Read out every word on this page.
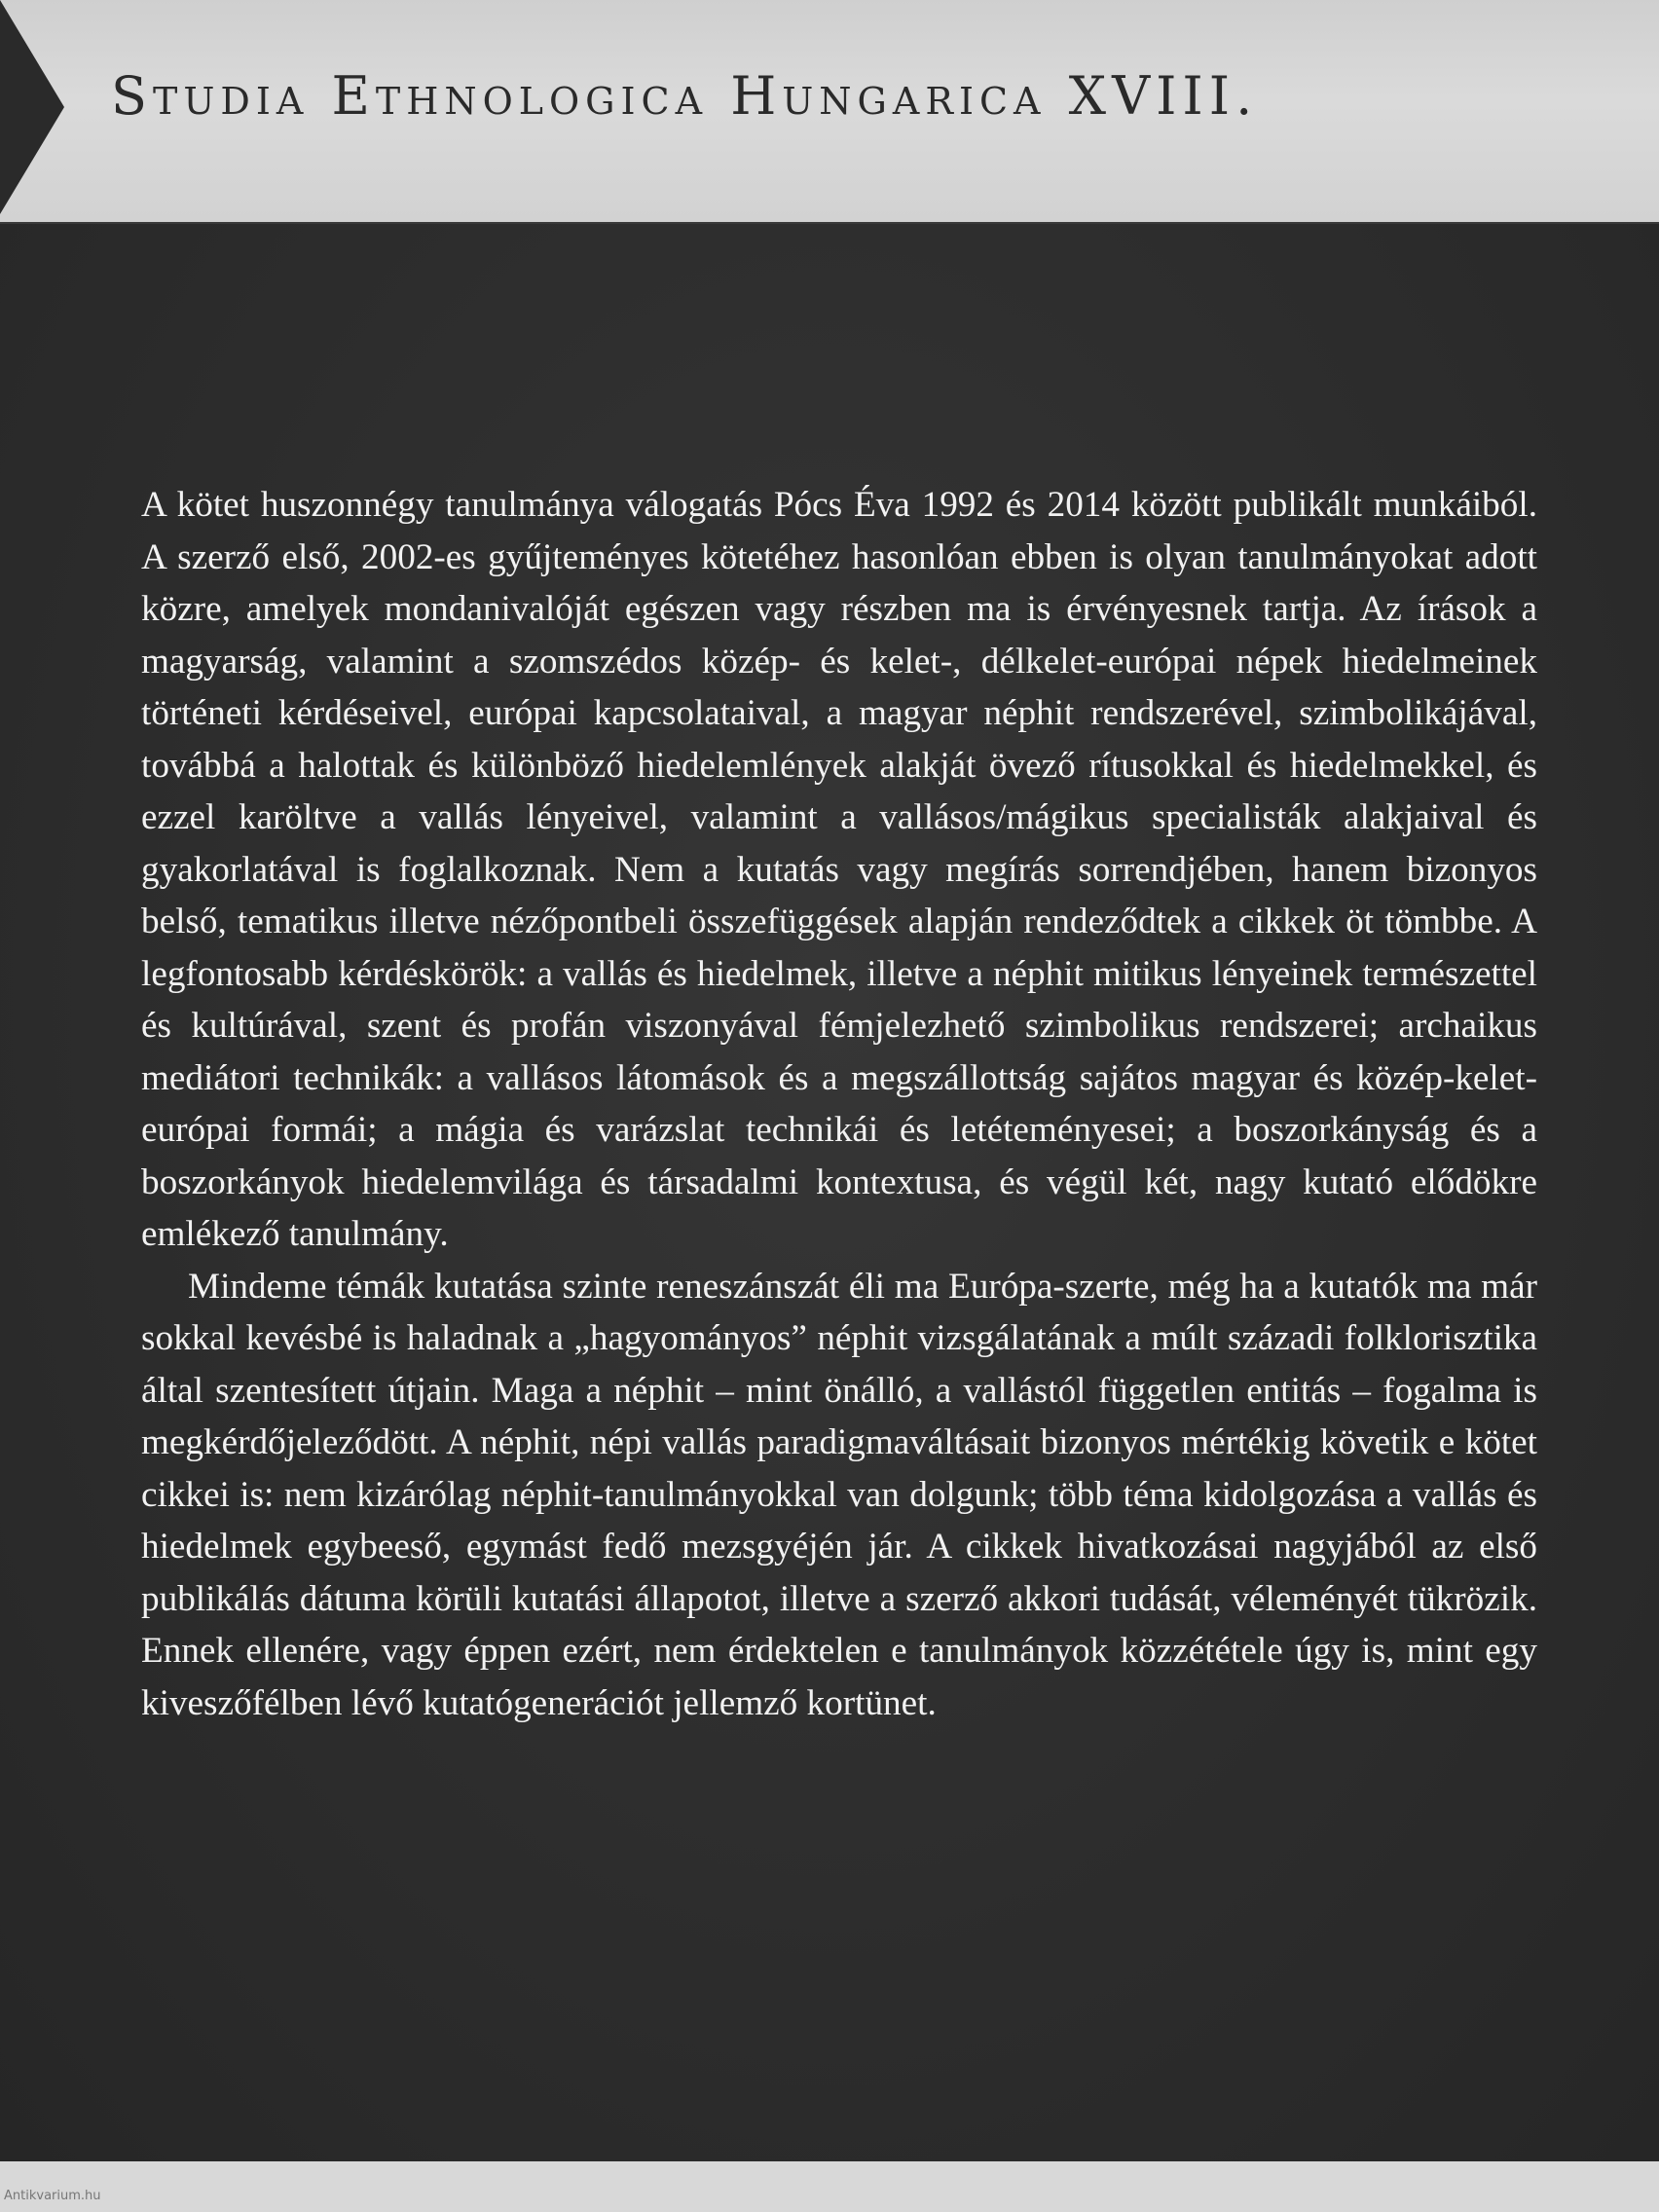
Studia Ethnologica Hungarica XVIII.

A kötet huszonnégy tanulmánya válogatás Pócs Éva 1992 és 2014 között publikált munkáiból. A szerző első, 2002-es gyűjteményes kötetéhez hasonlóan ebben is olyan tanulmányokat adott közre, amelyek mondanivalóját egészen vagy részben ma is érvényesnek tartja. Az írások a magyarság, valamint a szomszédos közép- és kelet-, délkelet-európai népek hiedelmeinek történeti kérdéseivel, európai kapcsolataival, a magyar néphit rendszerével, szimbolikájával, továbbá a halottak és különböző hiedelemlények alakját övező rítusokkal és hiedelmekkel, és ezzel karöltve a vallás lényeivel, valamint a vallásos/mágikus specialisták alakjaival és gyakorlatával is foglalkoznak. Nem a kutatás vagy megírás sorrendjében, hanem bizonyos belső, tematikus illetve nézőpontbeli összefüggések alapján rendeződtek a cikkek öt tömbbe. A legfontosabb kérdéskörök: a vallás és hiedelmek, illetve a néphit mitikus lényeinek természettel és kultúrával, szent és profán viszonyával fémjelezhető szimbolikus rendszerei; archaikus mediátori technikák: a vallásos látomások és a megszállottság sajátos magyar és közép-kelet-európai formái; a mágia és varázslat technikái és letéteményesei; a boszorkányság és a boszorkányok hiedelemvilága és társadalmi kontextusa, és végül két, nagy kutató elődökre emlékező tanulmány.

Mindeme témák kutatása szinte reneszánszát éli ma Európa-szerte, még ha a kutatók ma már sokkal kevésbé is haladnak a „hagyományos” néphit vizsgálatának a múlt századi folklorisztika által szentesített útjain. Maga a néphit – mint önálló, a vallástól független entitás – fogalma is megkérdőjeleződött. A néphit, népi vallás paradigmaváltásait bizonyos mértékig követik e kötet cikkei is: nem kizárólag néphit-tanulmányokkal van dolgunk; több téma kidolgozása a vallás és hiedelmek egybeeső, egymást fedő mezsgyéjén jár. A cikkek hivatkozásai nagyjából az első publikálás dátuma körüli kutatási állapotot, illetve a szerző akkori tudását, véleményét tükrözik. Ennek ellenére, vagy éppen ezért, nem érdektelen e tanulmányok közzététele úgy is, mint egy kiveszőfélben lévő kutatógenerációt jellemző kortünet.

Antikvarium.hu
